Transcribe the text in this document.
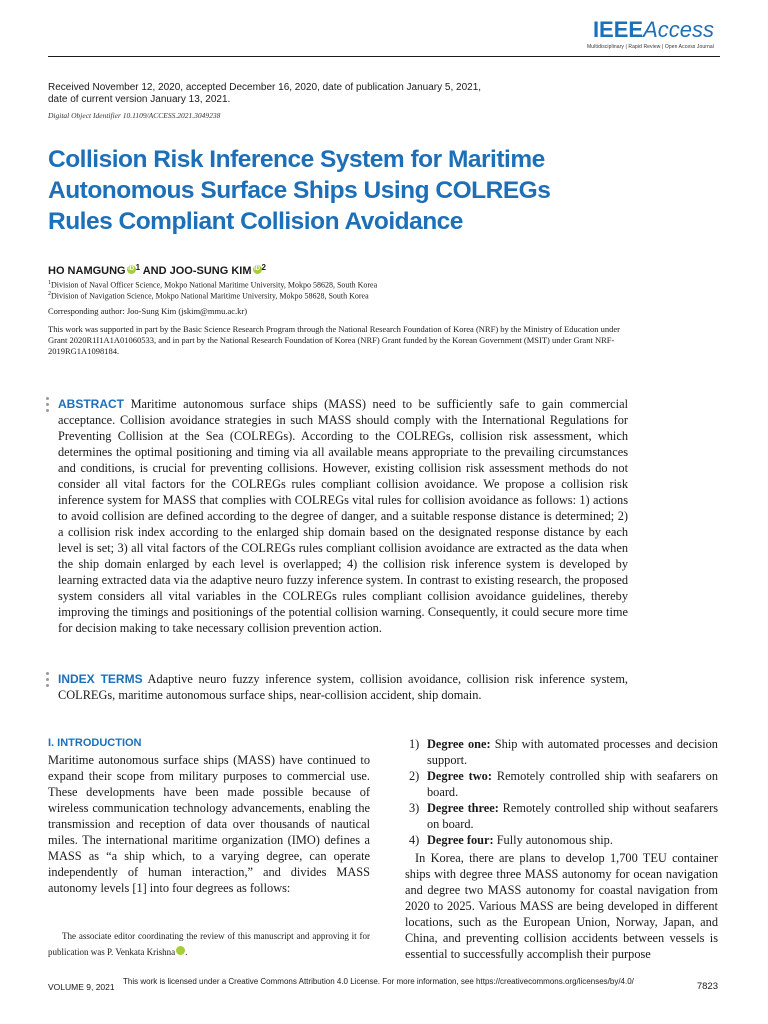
IEEEAccess
Multidisciplinary | Rapid Review | Open Access Journal
Received November 12, 2020, accepted December 16, 2020, date of publication January 5, 2021, date of current version January 13, 2021.
Digital Object Identifier 10.1109/ACCESS.2021.3049238
Collision Risk Inference System for Maritime Autonomous Surface Ships Using COLREGs Rules Compliant Collision Avoidance
HO NAMGUNG iD $^1$ AND JOO-SUNG KIM iD $^2$
$^1$Division of Naval Officer Science, Mokpo National Maritime University, Mokpo 58628, South Korea
$^2$Division of Navigation Science, Mokpo National Maritime University, Mokpo 58628, South Korea
Corresponding author: Joo-Sung Kim (jskim@mmu.ac.kr)
This work was supported in part by the Basic Science Research Program through the National Research Foundation of Korea (NRF) by the Ministry of Education under Grant 2020R1I1A1A01060533, and in part by the National Research Foundation of Korea (NRF) Grant funded by the Korean Government (MSIT) under Grant NRF-2019RG1A1098184.
ABSTRACT Maritime autonomous surface ships (MASS) need to be sufficiently safe to gain commercial acceptance. Collision avoidance strategies in such MASS should comply with the International Regulations for Preventing Collision at the Sea (COLREGs). According to the COLREGs, collision risk assessment, which determines the optimal positioning and timing via all available means appropriate to the prevailing circumstances and conditions, is crucial for preventing collisions. However, existing collision risk assessment methods do not consider all vital factors for the COLREGs rules compliant collision avoidance. We propose a collision risk inference system for MASS that complies with COLREGs vital rules for collision avoidance as follows: 1) actions to avoid collision are defined according to the degree of danger, and a suitable response distance is determined; 2) a collision risk index according to the enlarged ship domain based on the designated response distance by each level is set; 3) all vital factors of the COLREGs rules compliant collision avoidance are extracted as the data when the ship domain enlarged by each level is overlapped; 4) the collision risk inference system is developed by learning extracted data via the adaptive neuro fuzzy inference system. In contrast to existing research, the proposed system considers all vital variables in the COLREGs rules compliant collision avoidance guidelines, thereby improving the timings and positionings of the potential collision warning. Consequently, it could secure more time for decision making to take necessary collision prevention action.
INDEX TERMS Adaptive neuro fuzzy inference system, collision avoidance, collision risk inference system, COLREGs, maritime autonomous surface ships, near-collision accident, ship domain.
I. INTRODUCTION
Maritime autonomous surface ships (MASS) have continued to expand their scope from military purposes to commercial use. These developments have been made possible because of wireless communication technology advancements, enabling the transmission and reception of data over thousands of nautical miles. The international maritime organization (IMO) defines a MASS as “a ship which, to a varying degree, can operate independently of human interaction,” and divides MASS autonomy levels [1] into four degrees as follows:

The associate editor coordinating the review of this manuscript and approving it for publication was P. Venkata Krishna	iD.

1) Degree one: Ship with automated processes and decision support.
2) Degree two: Remotely controlled ship with seafarers on board.
3) Degree three: Remotely controlled ship without seafarers on board.
4) Degree four: Fully autonomous ship.

In Korea, there are plans to develop 1,700 TEU container ships with degree three MASS autonomy for ocean navigation and degree two MASS autonomy for coastal navigation from 2020 to 2025. Various MASS are being developed in different locations, such as the European Union, Norway, Japan, and China, and preventing collision accidents between vessels is essential to successfully accomplish their purpose

VOLUME 9, 2021
This work is licensed under a Creative Commons Attribution 4.0 License. For more information, see https://creativecommons.org/licenses/by/4.0/	7823
